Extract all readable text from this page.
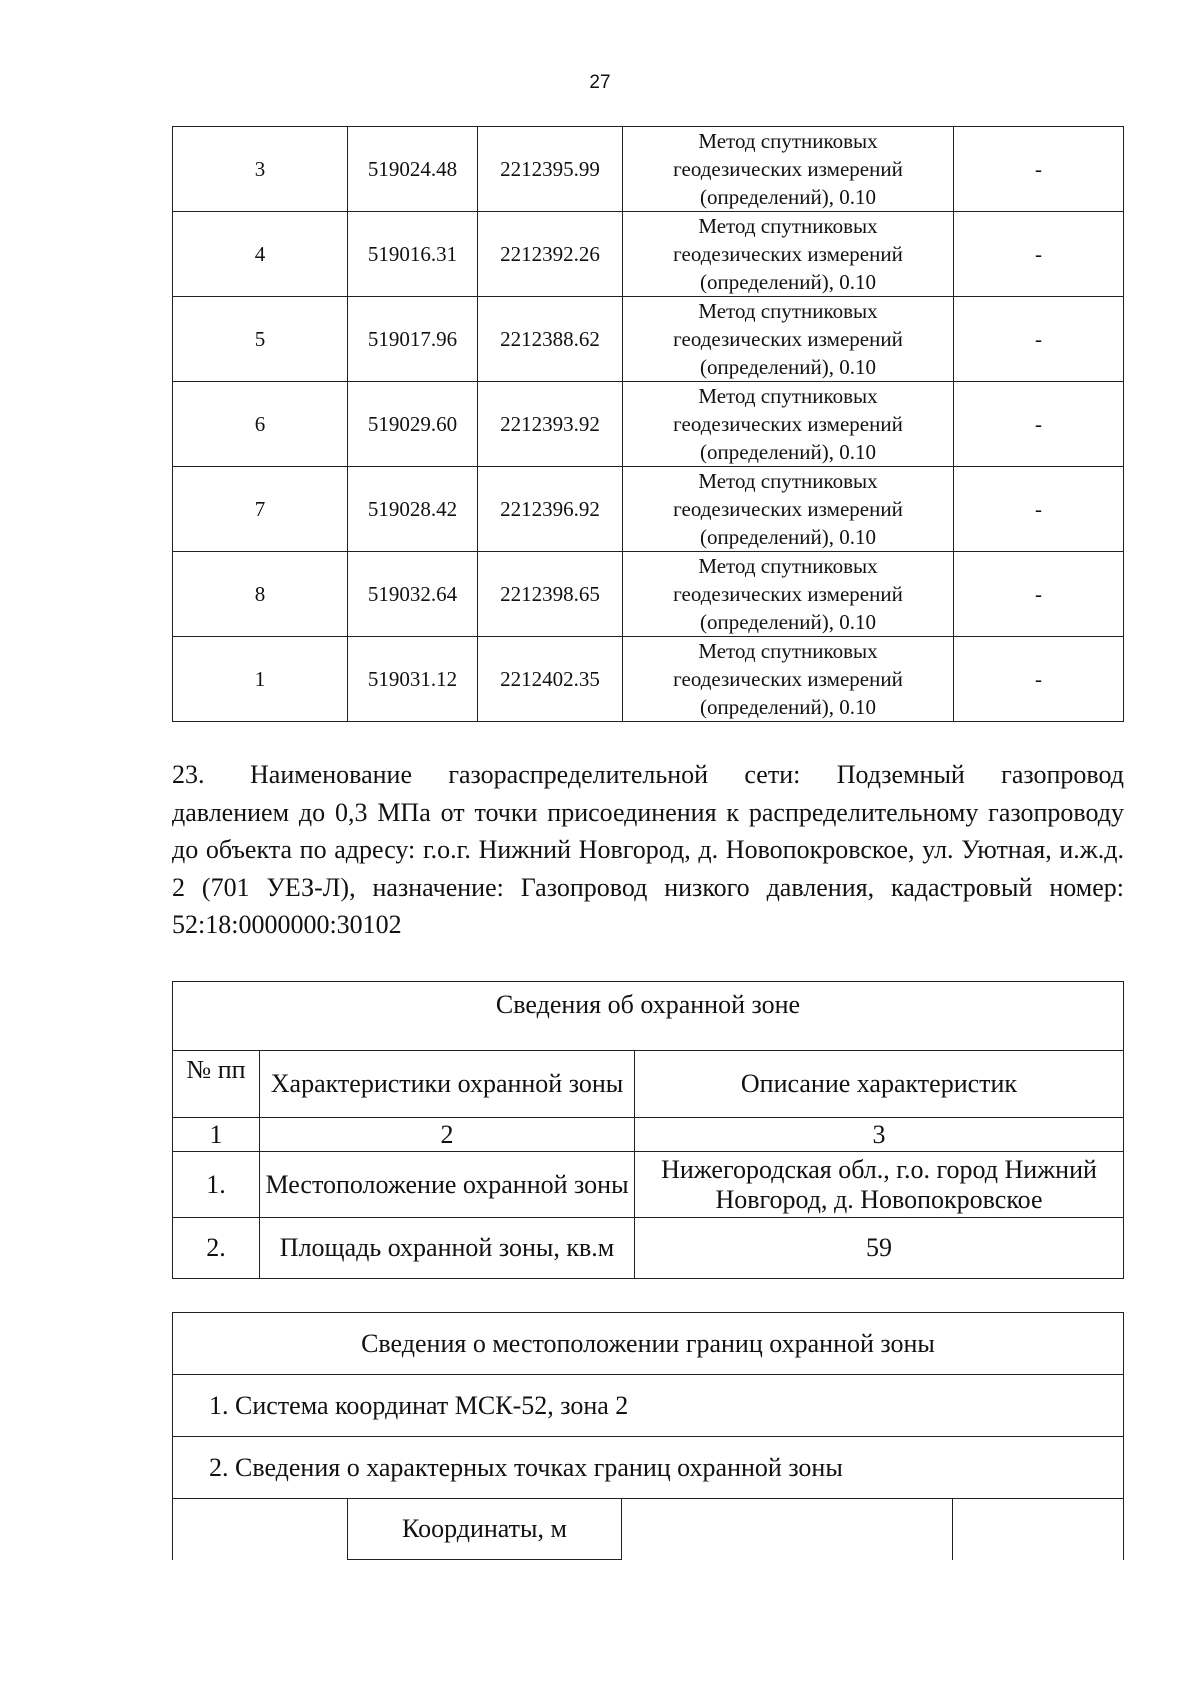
27
3	519024.48	2212395.99	Метод спутниковых
геодезических измерений
(определений), 0.10	-
4	519016.31	2212392.26	Метод спутниковых
геодезических измерений
(определений), 0.10	-
5	519017.96	2212388.62	Метод спутниковых
геодезических измерений
(определений), 0.10	-
6	519029.60	2212393.92	Метод спутниковых
геодезических измерений
(определений), 0.10	-
7	519028.42	2212396.92	Метод спутниковых
геодезических измерений
(определений), 0.10	-
8	519032.64	2212398.65	Метод спутниковых
геодезических измерений
(определений), 0.10	-
1	519031.12	2212402.35	Метод спутниковых
геодезических измерений
(определений), 0.10	-
23. Наименование газораспределительной сети: Подземный газопровод давлением до 0,3 МПа от точки присоединения к распределительному газопроводу до объекта по адресу: г.о.г. Нижний Новгород, д. Новопокровское, ул. Уютная, и.ж.д. 2 (701 УЕЗ-Л), назначение: Газопровод низкого давления, кадастровый номер: 52:18:0000000:30102
Сведения об охранной зоне		
№ пп	Характеристики охранной зоны	Описание характеристик
1	2	3
1.	Местоположение охранной зоны	Нижегородская обл., г.о. город Нижний Новгород, д. Новопокровское
2.	Площадь охранной зоны, кв.м	59
Сведения о местоположении границ охранной зоны
1. Система координат МСК-52, зона 2
2. Сведения о характерных точках границ охранной зоны
	Координаты, м		
